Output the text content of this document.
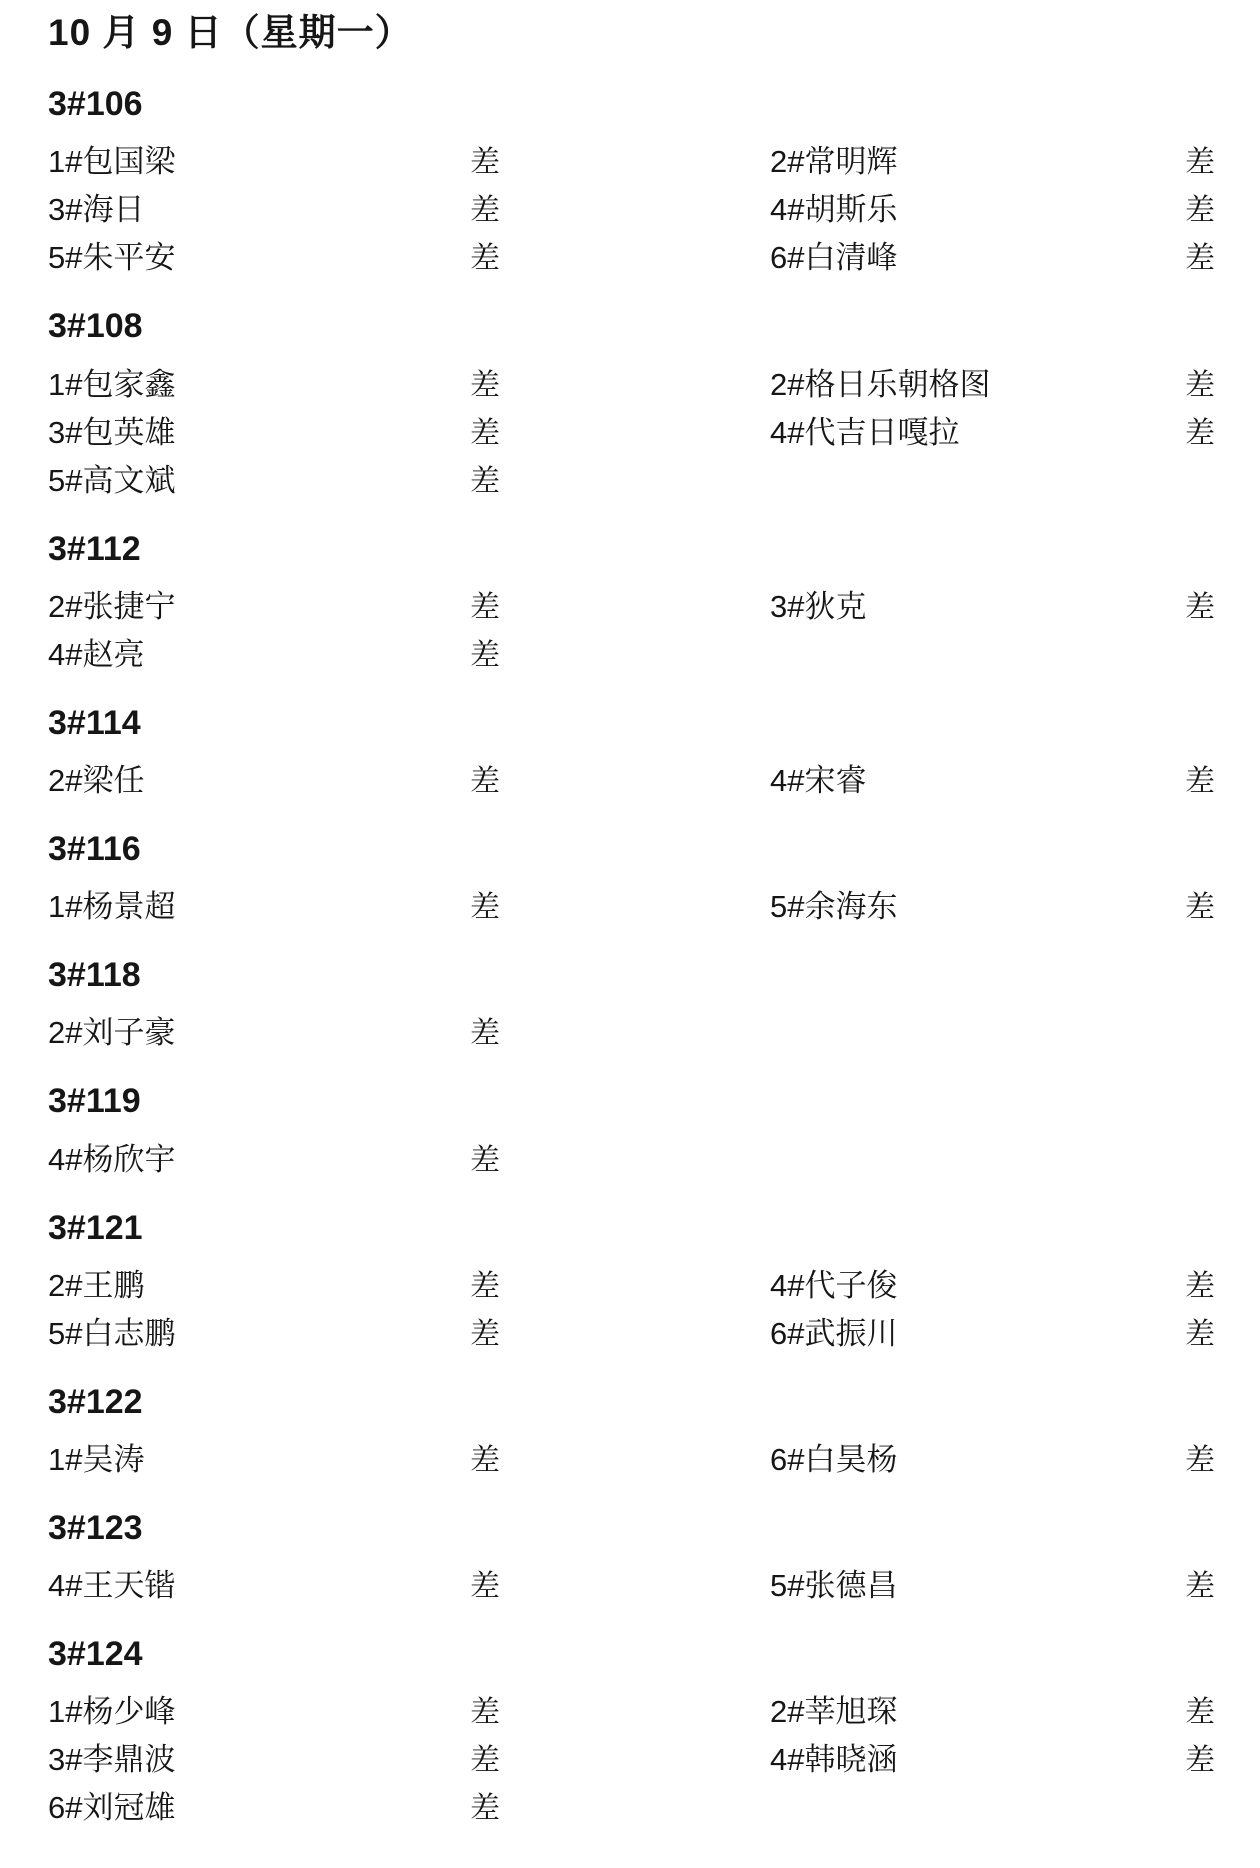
10 月 9 日（星期一）
3#106
1#包国梁	差	2#常明辉	差
3#海日	差	4#胡斯乐	差
5#朱平安	差	6#白清峰	差
3#108
1#包家鑫	差	2#格日乐朝格图	差
3#包英雄	差	4#代吉日嘎拉	差
5#高文斌	差
3#112
2#张捷宁	差	3#狄克	差
4#赵亮	差
3#114
2#梁任	差	4#宋睿	差
3#116
1#杨景超	差	5#余海东	差
3#118
2#刘子豪	差
3#119
4#杨欣宇	差
3#121
2#王鹏	差	4#代子俊	差
5#白志鹏	差	6#武振川	差
3#122
1#吴涛	差	6#白昊杨	差
3#123
4#王天锴	差	5#张德昌	差
3#124
1#杨少峰	差	2#莘旭琛	差
3#李鼎波	差	4#韩晓涵	差
6#刘冠雄	差
